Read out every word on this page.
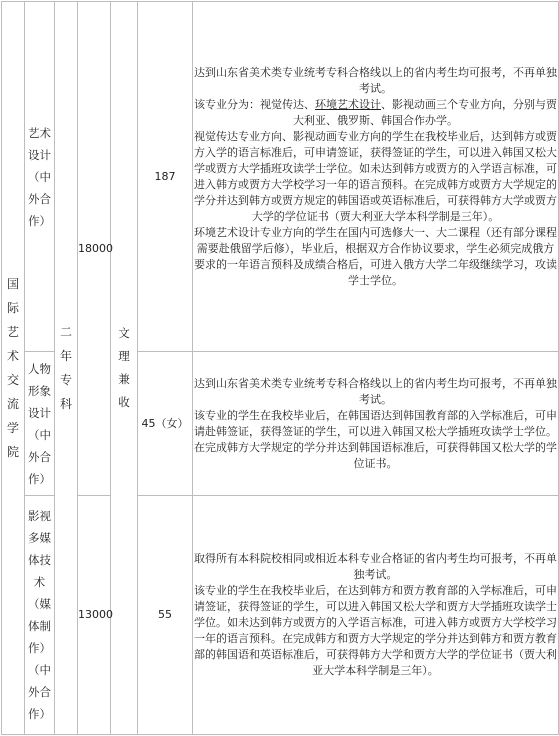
国际艺术交流学院	艺术设计（中外合作）	二年专科	18000	文理兼收	187	达到山东省美术类专业统考专科合格线以上的省内考生均可报考，不再单独考试。

该专业分为：视觉传达、环境艺术设计、影视动画三个专业方向，分别与贾大利亚、俄罗斯、韩国合作办学。

视觉传达专业方向、影视动画专业方向的学生在我校毕业后，达到韩方或贾方入学的语言标准后，可申请签证，获得签证的学生，可以进入韩国又松大学或贾方大学插班攻读学士学位。如未达到韩方或贾方的入学语言标准，可进入韩方或贾方大学校学习一年的语言预科。在完成韩方或贾方大学规定的学分并达到韩方或贾方规定的韩国语或英语标准后，可获得韩方大学或贾方大学的学位证书（贾大利亚大学本科学制是三年）。

环境艺术设计专业方向的学生在国内可选修大一、大二课程（还有部分课程需要赴俄留学后修），毕业后，根据双方合作协议要求，学生必须完成俄方要求的一年语言预科及成绩合格后，可进入俄方大学二年级继续学习，攻读学士学位。

	人物形象设计（中外合作）				45（女）	达到山东省美术类专业统考专科合格线以上的省内考生均可报考，不再单独考试。

该专业的学生在我校毕业后，在韩国语达到韩国教育部的入学标准后，可申请赴韩签证，获得签证的学生，可以进入韩国又松大学插班攻读学士学位。在完成韩方大学规定的学分并达到韩国语标准后，可获得韩国又松大学的学位证书。

	影视多媒体技术（媒体制作）（中外合作）		13000		55	取得所有本科院校相同或相近本科专业合格证的省内考生均可报考，不再单独考试。

该专业的学生在我校毕业后，在达到韩方和贾方教育部的入学标准后，可申请签证，获得签证的学生，可以进入韩国又松大学和贾方大学插班攻读学士学位。如未达到韩方或贾方的入学语言标准，可进入韩方或贾方大学校学习一年的语言预科。在完成韩方和贾方大学规定的学分并达到韩方和贾方教育部的韩国语和英语标准后，可获得韩方大学和贾方大学的学位证书（贾大利亚大学本科学制是三年）。
